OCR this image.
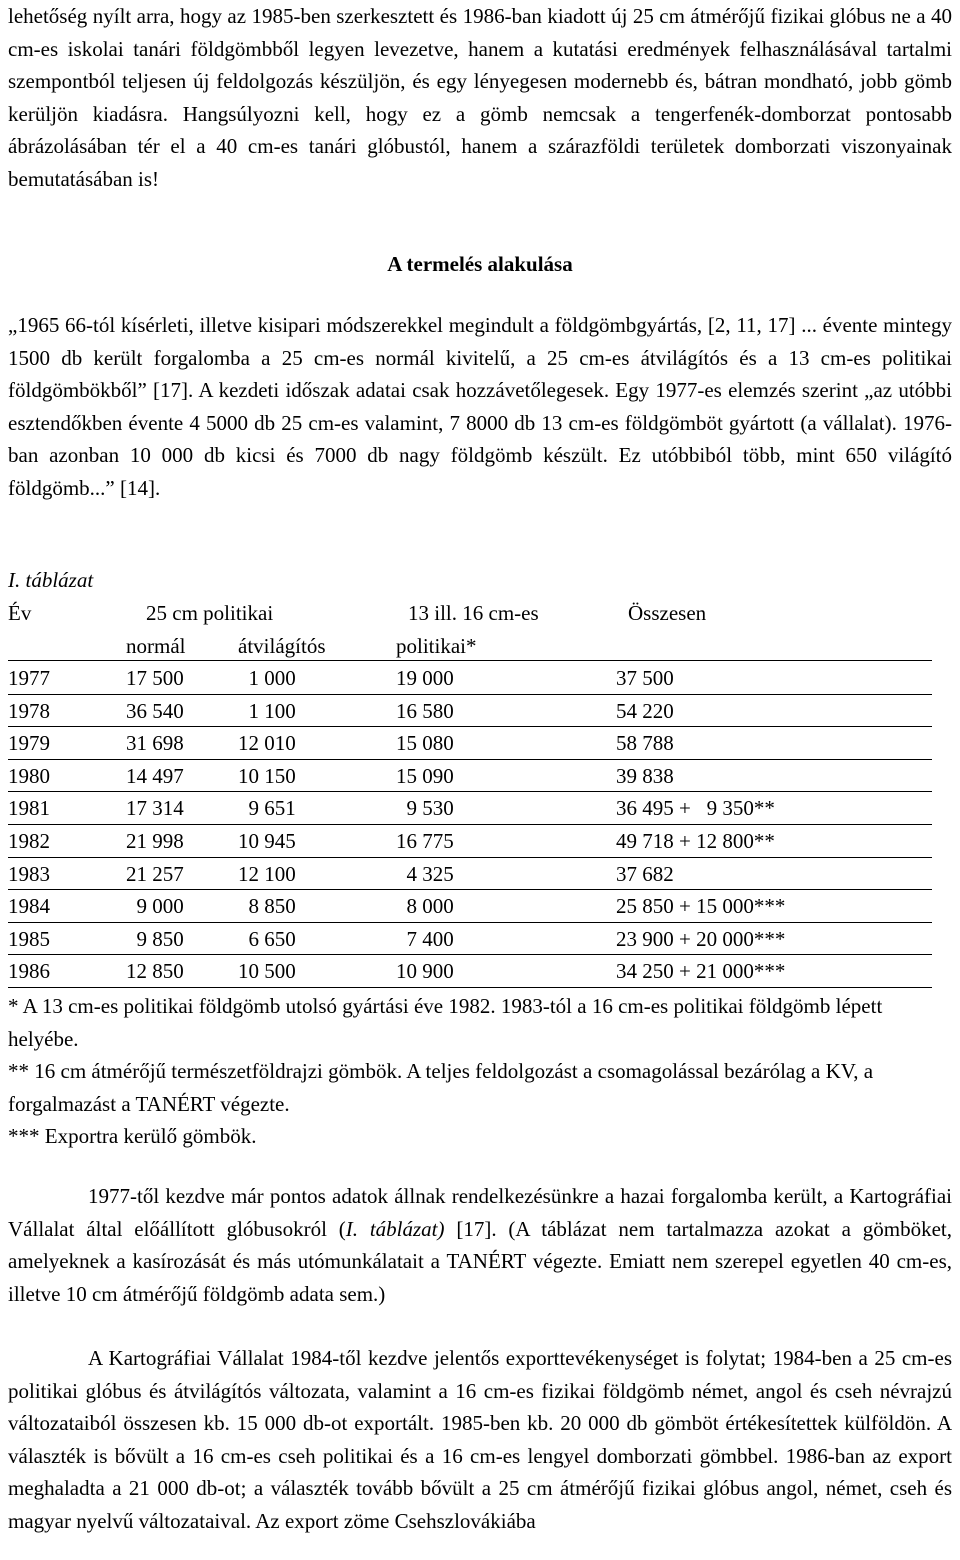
lehetőség nyílt arra, hogy az 1985-ben szerkesztett és 1986-ban kiadott új 25 cm átmérőjű fizikai glóbus ne a 40 cm-es iskolai tanári földgömbből legyen levezetve, hanem a kutatási eredmények felhasználásával tartalmi szempontból teljesen új feldolgozás készüljön, és egy lényegesen modernebb és, bátran mondható, jobb gömb kerüljön kiadásra. Hangsúlyozni kell, hogy ez a gömb nemcsak a tengerfenék-domborzat pontosabb ábrázolásában tér el a 40 cm-es tanári glóbustól, hanem a szárazföldi területek domborzati viszonyainak bemutatásában is!

A termelés alakulása

„1965 66-tól kísérleti, illetve kisipari módszerekkel megindult a földgömbgyártás, [2, 11, 17] ... évente mintegy 1500 db került forgalomba a 25 cm-es normál kivitelű, a 25 cm-es átvilágítós és a 13 cm-es politikai földgömbökből” [17]. A kezdeti időszak adatai csak hozzávetőlegesek. Egy 1977-es elemzés szerint „az utóbbi esztendőkben évente 4 5000 db 25 cm-es valamint, 7 8000 db 13 cm-es földgömböt gyártott (a vállalat). 1976-ban azonban 10 000 db kicsi és 7000 db nagy földgömb készült. Ez utóbbiból több, mint 650 világító földgömb...” [14].

I. táblázat
Év	25 cm politikai	13 ill. 16 cm-es	Összesen
normál	átvilágítós	politikai*
1977	17 500	1 000	19 000	37 500
1978	36 540	1 100	16 580	54 220
1979	31 698	12 010	15 080	58 788
1980	14 497	10 150	15 090	39 838
1981	17 314	9 651	9 530	36 495 +   9 350**
1982	21 998	10 945	16 775	49 718 + 12 800**
1983	21 257	12 100	4 325	37 682
1984	9 000	8 850	8 000	25 850 + 15 000***
1985	9 850	6 650	7 400	23 900 + 20 000***
1986	12 850	10 500	10 900	34 250 + 21 000***

* A 13 cm-es politikai földgömb utolsó gyártási éve 1982. 1983-tól a 16 cm-es politikai földgömb lépett helyébe.

** 16 cm átmérőjű természetföldrajzi gömbök. A teljes feldolgozást a csomagolással bezárólag a KV, a forgalmazást a TANÉRT végezte.

*** Exportra kerülő gömbök.

1977-től kezdve már pontos adatok állnak rendelkezésünkre a hazai forgalomba került, a Kartográfiai Vállalat által előállított glóbusokról (I. táblázat) [17]. (A táblázat nem tartalmazza azokat a gömböket, amelyeknek a kasírozását és más utómunkálatait a TANÉRT végezte. Emiatt nem szerepel egyetlen 40 cm-es, illetve 10 cm átmérőjű földgömb adata sem.)

A Kartográfiai Vállalat 1984-től kezdve jelentős exporttevékenységet is folytat; 1984-ben a 25 cm-es politikai glóbus és átvilágítós változata, valamint a 16 cm-es fizikai földgömb német, angol és cseh névrajzú változataiból összesen kb. 15 000 db-ot exportált. 1985-ben kb. 20 000 db gömböt értékesítettek külföldön. A választék is bővült a 16 cm-es cseh politikai és a 16 cm-es lengyel domborzati gömbbel. 1986-ban az export meghaladta a 21 000 db-ot; a választék tovább bővült a 25 cm átmérőjű fizikai glóbus angol, német, cseh és magyar nyelvű változataival. Az export zöme Csehszlovákiába
